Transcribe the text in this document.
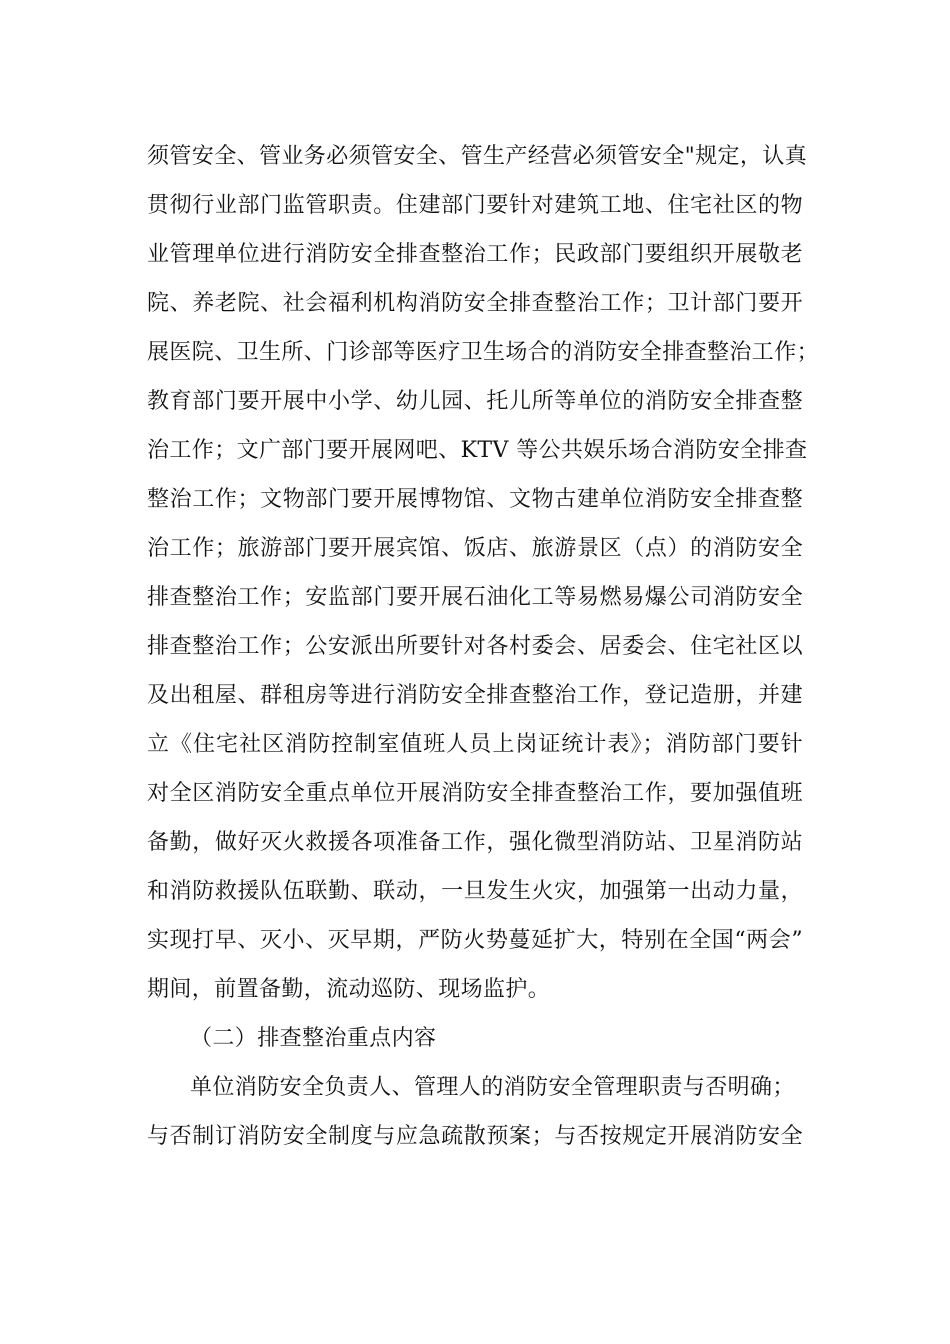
须管安全、管业务必须管安全、管生产经营必须管安全"规定，认真
贯彻行业部门监管职责。住建部门要针对建筑工地、住宅社区的物
业管理单位进行消防安全排查整治工作；民政部门要组织开展敬老
院、养老院、社会福利机构消防安全排查整治工作；卫计部门要开
展医院、卫生所、门诊部等医疗卫生场合的消防安全排查整治工作；
教育部门要开展中小学、幼儿园、托儿所等单位的消防安全排查整
治工作；文广部门要开展网吧、KTV 等公共娱乐场合消防安全排查
整治工作；文物部门要开展博物馆、文物古建单位消防安全排查整
治工作；旅游部门要开展宾馆、饭店、旅游景区（点）的消防安全
排查整治工作；安监部门要开展石油化工等易燃易爆公司消防安全
排查整治工作；公安派出所要针对各村委会、居委会、住宅社区以
及出租屋、群租房等进行消防安全排查整治工作，登记造册，并建
立《住宅社区消防控制室值班人员上岗证统计表》；消防部门要针
对全区消防安全重点单位开展消防安全排查整治工作，要加强值班
备勤，做好灭火救援各项准备工作，强化微型消防站、卫星消防站
和消防救援队伍联勤、联动，一旦发生火灾，加强第一出动力量，
实现打早、灭小、灭早期，严防火势蔓延扩大，特别在全国“两会”
期间，前置备勤，流动巡防、现场监护。
（二）排查整治重点内容
单位消防安全负责人、管理人的消防安全管理职责与否明确；
与否制订消防安全制度与应急疏散预案；与否按规定开展消防安全
